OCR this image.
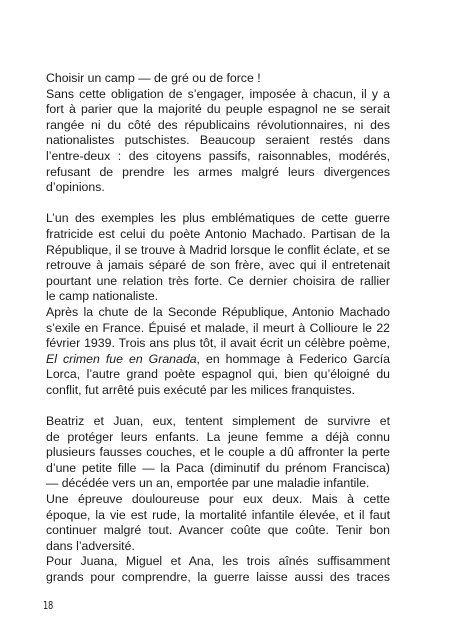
Choisir un camp — de gré ou de force !
Sans cette obligation de s’engager, imposée à chacun, il y a
fort à parier que la majorité du peuple espagnol ne se serait
rangée ni du côté des républicains révolutionnaires, ni des
nationalistes putschistes. Beaucoup seraient restés dans
l’entre-deux : des citoyens passifs, raisonnables, modérés,
refusant de prendre les armes malgré leurs divergences
d’opinions.
L’un des exemples les plus emblématiques de cette guerre
fratricide est celui du poète Antonio Machado. Partisan de la
République, il se trouve à Madrid lorsque le conflit éclate, et se
retrouve à jamais séparé de son frère, avec qui il entretenait
pourtant une relation très forte. Ce dernier choisira de rallier
le camp nationaliste.
Après la chute de la Seconde République, Antonio Machado
s’exile en France. Épuisé et malade, il meurt à Collioure le 22
février 1939. Trois ans plus tôt, il avait écrit un célèbre poème,
El crimen fue en Granada, en hommage à Federico García
Lorca, l’autre grand poète espagnol qui, bien qu’éloigné du
conflit, fut arrêté puis exécuté par les milices franquistes.
Beatriz et Juan, eux, tentent simplement de survivre et
de protéger leurs enfants. La jeune femme a déjà connu
plusieurs fausses couches, et le couple a dû affronter la perte
d’une petite fille — la Paca (diminutif du prénom Francisca)
— décédée vers un an, emportée par une maladie infantile.
Une épreuve douloureuse pour eux deux. Mais à cette
époque, la vie est rude, la mortalité infantile élevée, et il faut
continuer malgré tout. Avancer coûte que coûte. Tenir bon
dans l’adversité.
Pour Juana, Miguel et Ana, les trois aînés suffisamment
grands pour comprendre, la guerre laisse aussi des traces
18
